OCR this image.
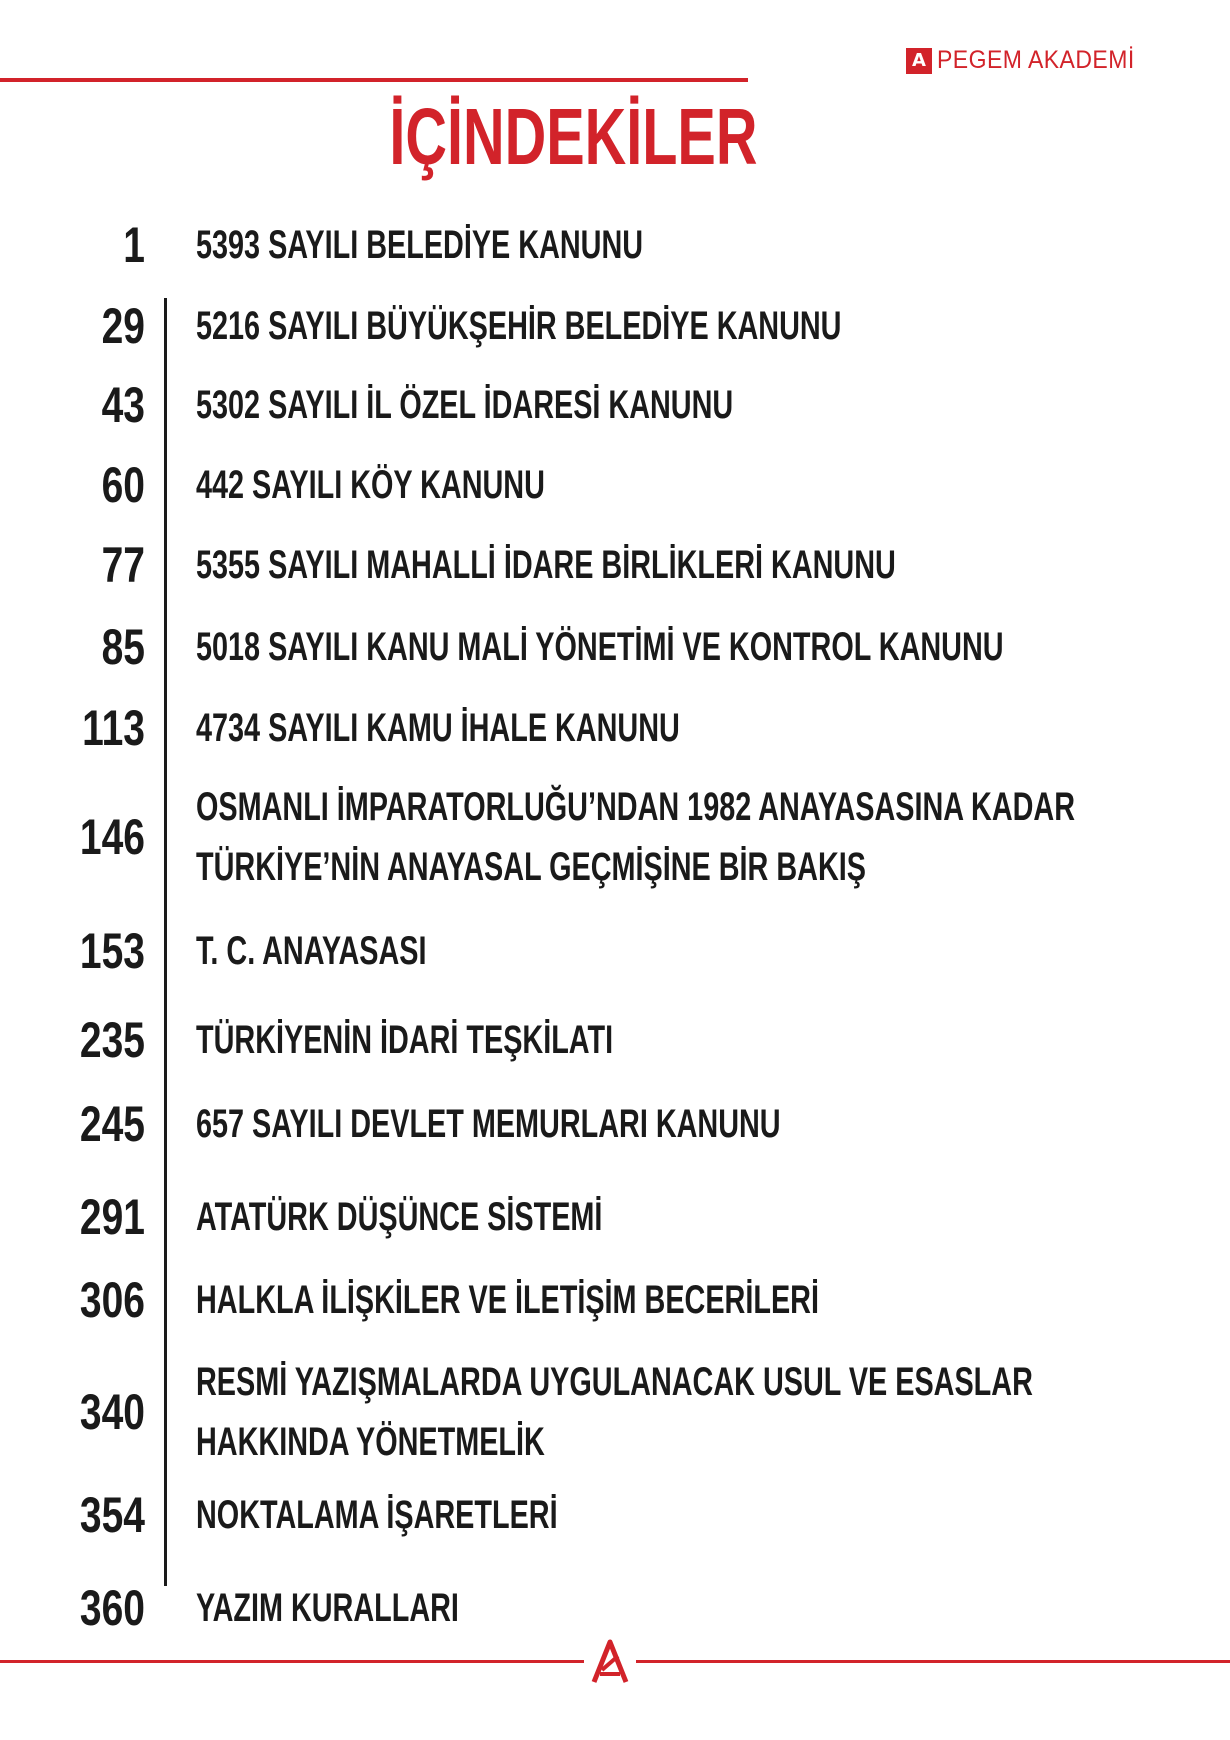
A PEGEM AKADEMİ
İÇİNDEKİLER
1 5393 SAYILI BELEDİYE KANUNU
29 5216 SAYILI BÜYÜKŞEHİR BELEDİYE KANUNU
43 5302 SAYILI İL ÖZEL İDARESİ KANUNU
60 442 SAYILI KÖY KANUNU
77 5355 SAYILI MAHALLİ İDARE BİRLİKLERİ KANUNU
85 5018 SAYILI KANU MALİ YÖNETİMİ VE KONTROL KANUNU
113 4734 SAYILI KAMU İHALE KANUNU
146
OSMANLI İMPARATORLUĞU’NDAN 1982 ANAYASASINA KADAR
TÜRKİYE’NİN ANAYASAL GEÇMİŞİNE BİR BAKIŞ
153 T. C. ANAYASASI
235 TÜRKİYENİN İDARİ TEŞKİLATI
245 657 SAYILI DEVLET MEMURLARI KANUNU
291 ATATÜRK DÜŞÜNCE SİSTEMİ
306 HALKLA İLİŞKİLER VE İLETİŞİM BECERİLERİ
340
RESMİ YAZIŞMALARDA UYGULANACAK USUL VE ESASLAR
HAKKINDA YÖNETMELİK
354 NOKTALAMA İŞARETLERİ
360 YAZIM KURALLARI
